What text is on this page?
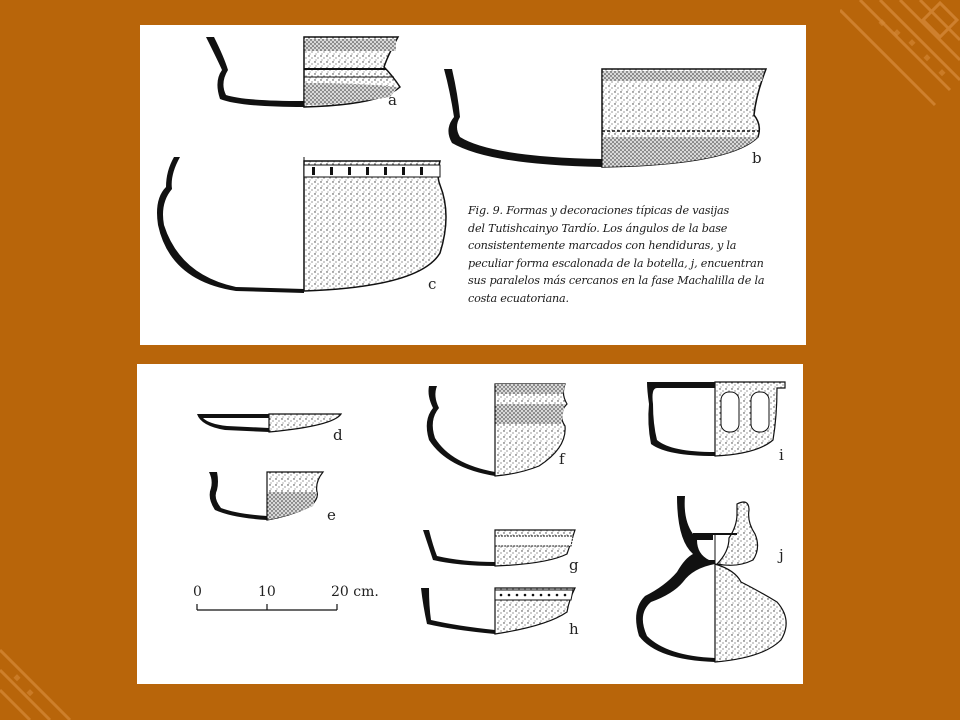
a
b
c
Fig. 9. Formas y decoraciones típicas de vasijas
del Tutishcainyo Tardío. Los ángulos de la base
consistentemente marcados con hendiduras, y la
peculiar forma escalonada de la botella, j, encuentran
sus paralelos más cercanos en la fase Machalilla de la
costa ecuatoriana.
d
e
f
g
h
i
j
0	10	20 cm.
